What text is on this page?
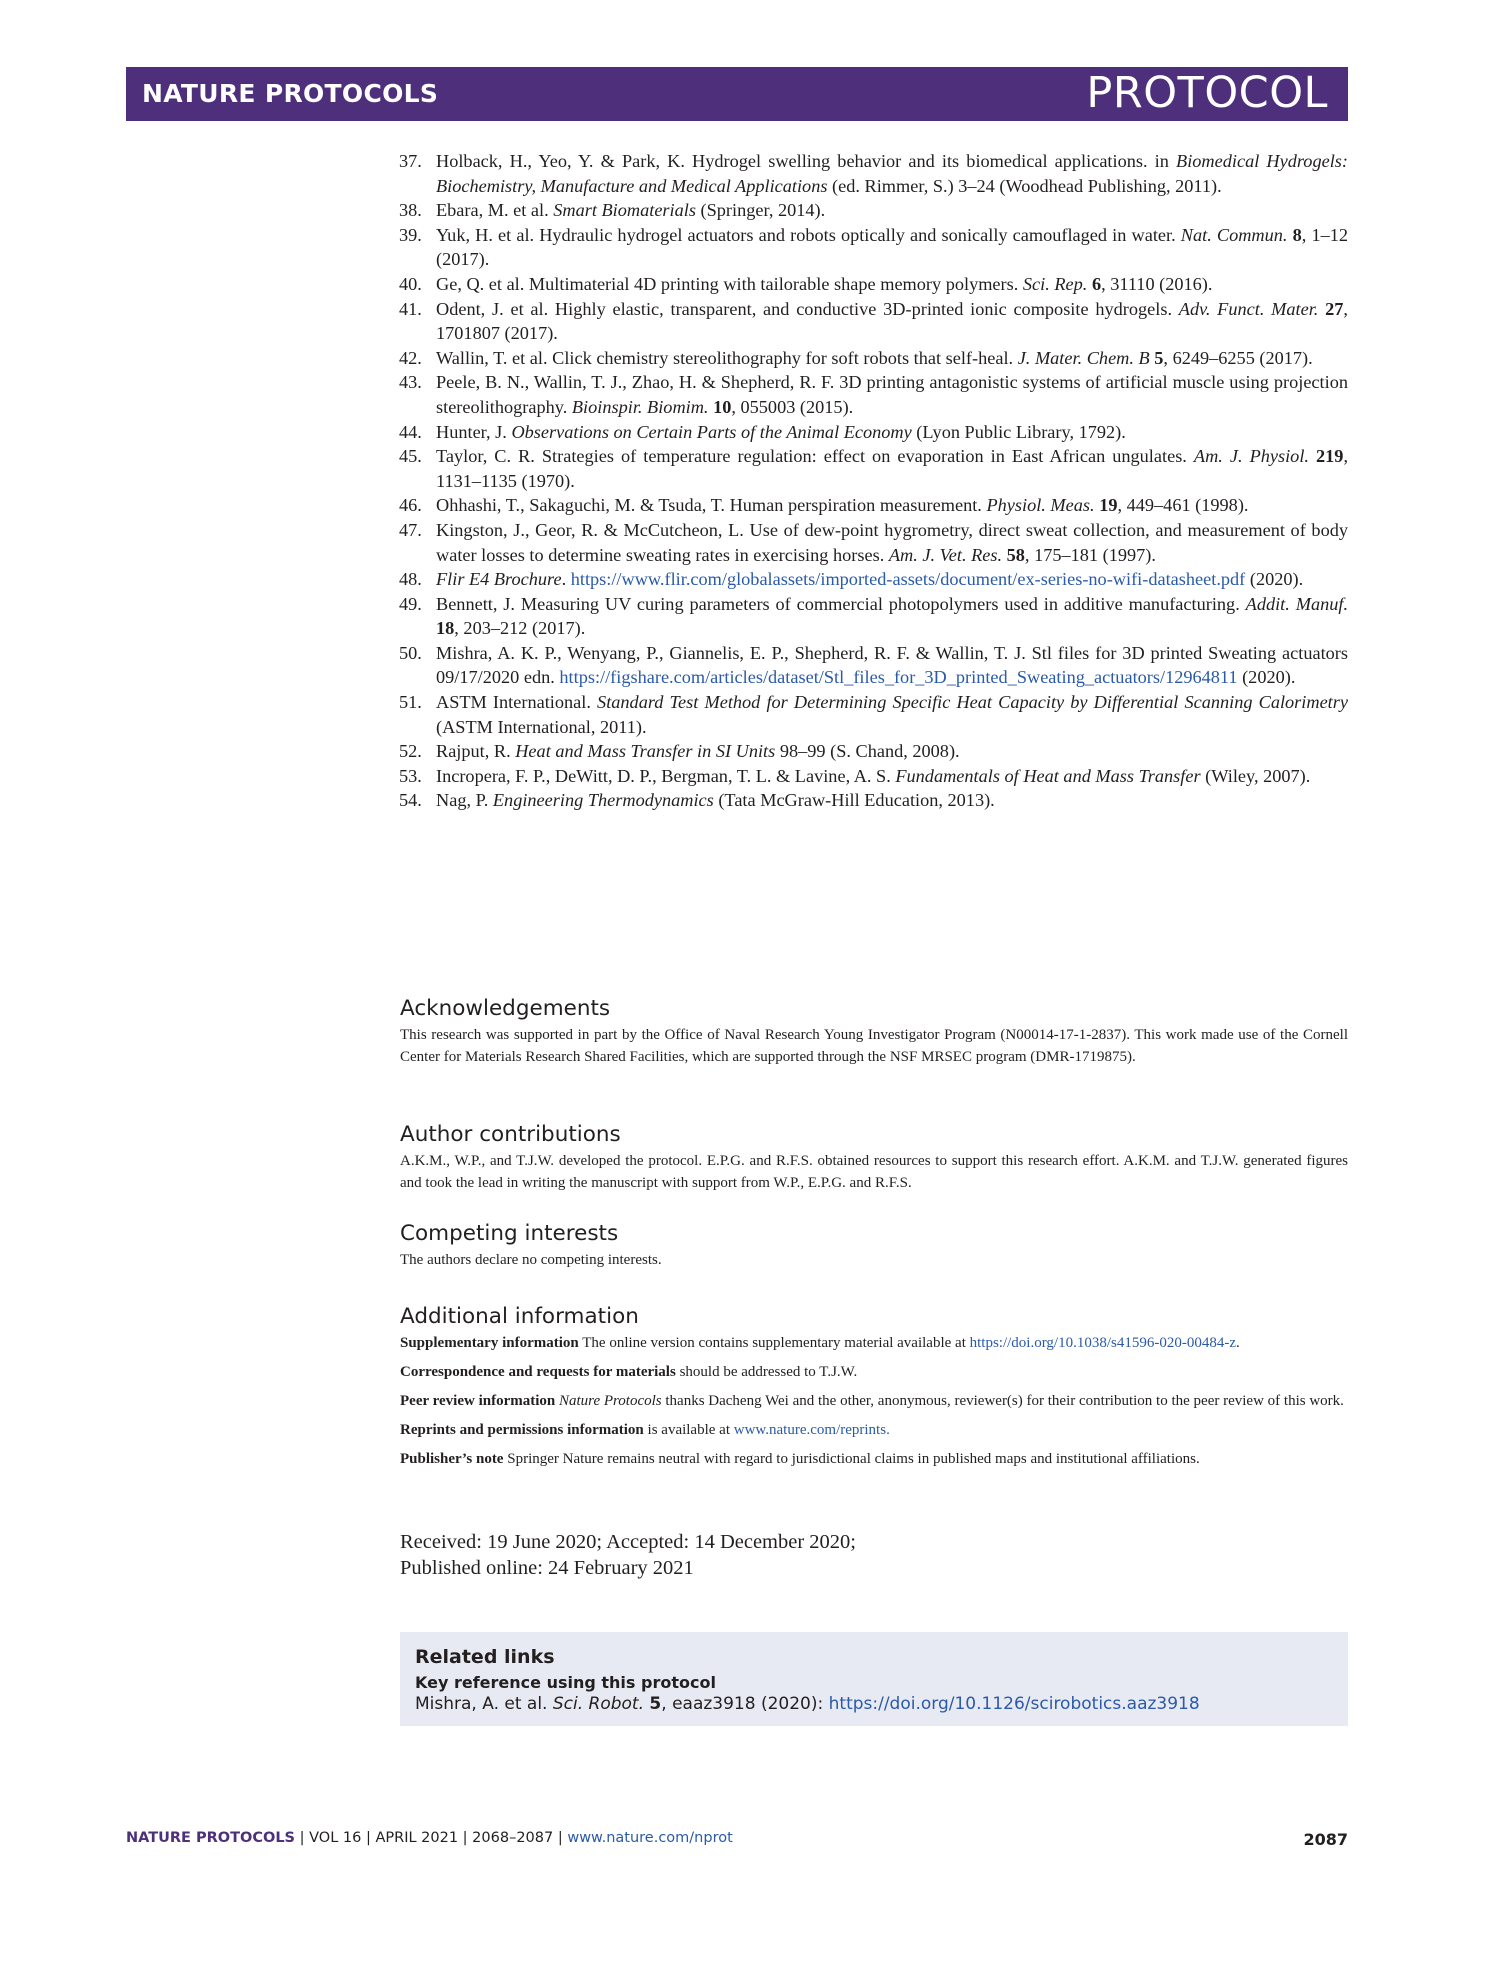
NATURE PROTOCOLS	PROTOCOL
37. Holback, H., Yeo, Y. & Park, K. Hydrogel swelling behavior and its biomedical applications. in Biomedical Hydrogels: Biochemistry, Manufacture and Medical Applications (ed. Rimmer, S.) 3–24 (Woodhead Publishing, 2011).
38. Ebara, M. et al. Smart Biomaterials (Springer, 2014).
39. Yuk, H. et al. Hydraulic hydrogel actuators and robots optically and sonically camouflaged in water. Nat. Commun. 8, 1–12 (2017).
40. Ge, Q. et al. Multimaterial 4D printing with tailorable shape memory polymers. Sci. Rep. 6, 31110 (2016).
41. Odent, J. et al. Highly elastic, transparent, and conductive 3D-printed ionic composite hydrogels. Adv. Funct. Mater. 27, 1701807 (2017).
42. Wallin, T. et al. Click chemistry stereolithography for soft robots that self-heal. J. Mater. Chem. B 5, 6249–6255 (2017).
43. Peele, B. N., Wallin, T. J., Zhao, H. & Shepherd, R. F. 3D printing antagonistic systems of artificial muscle using projection stereolithography. Bioinspir. Biomim. 10, 055003 (2015).
44. Hunter, J. Observations on Certain Parts of the Animal Economy (Lyon Public Library, 1792).
45. Taylor, C. R. Strategies of temperature regulation: effect on evaporation in East African ungulates. Am. J. Physiol. 219, 1131–1135 (1970).
46. Ohhashi, T., Sakaguchi, M. & Tsuda, T. Human perspiration measurement. Physiol. Meas. 19, 449–461 (1998).
47. Kingston, J., Geor, R. & McCutcheon, L. Use of dew-point hygrometry, direct sweat collection, and measurement of body water losses to determine sweating rates in exercising horses. Am. J. Vet. Res. 58, 175–181 (1997).
48. Flir E4 Brochure. https://www.flir.com/globalassets/imported-assets/document/ex-series-no-wifi-datasheet.pdf (2020).
49. Bennett, J. Measuring UV curing parameters of commercial photopolymers used in additive manufacturing. Addit. Manuf. 18, 203–212 (2017).
50. Mishra, A. K. P., Wenyang, P., Giannelis, E. P., Shepherd, R. F. & Wallin, T. J. Stl files for 3D printed Sweating actuators 09/17/2020 edn. https://figshare.com/articles/dataset/Stl_files_for_3D_printed_Sweating_actuators/12964811 (2020).
51. ASTM International. Standard Test Method for Determining Specific Heat Capacity by Differential Scanning Calorimetry (ASTM International, 2011).
52. Rajput, R. Heat and Mass Transfer in SI Units 98–99 (S. Chand, 2008).
53. Incropera, F. P., DeWitt, D. P., Bergman, T. L. & Lavine, A. S. Fundamentals of Heat and Mass Transfer (Wiley, 2007).
54. Nag, P. Engineering Thermodynamics (Tata McGraw-Hill Education, 2013).
Acknowledgements
This research was supported in part by the Office of Naval Research Young Investigator Program (N00014-17-1-2837). This work made use of the Cornell Center for Materials Research Shared Facilities, which are supported through the NSF MRSEC program (DMR-1719875).
Author contributions
A.K.M., W.P., and T.J.W. developed the protocol. E.P.G. and R.F.S. obtained resources to support this research effort. A.K.M. and T.J.W. generated figures and took the lead in writing the manuscript with support from W.P., E.P.G. and R.F.S.
Competing interests
The authors declare no competing interests.
Additional information

Supplementary information The online version contains supplementary material available at https://doi.org/10.1038/s41596-020-00484-z.

Correspondence and requests for materials should be addressed to T.J.W.

Peer review information Nature Protocols thanks Dacheng Wei and the other, anonymous, reviewer(s) for their contribution to the peer review of this work.

Reprints and permissions information is available at www.nature.com/reprints.

Publisher’s note Springer Nature remains neutral with regard to jurisdictional claims in published maps and institutional affiliations.

Received: 19 June 2020; Accepted: 14 December 2020;
Published online: 24 February 2021
Related links
Key reference using this protocol
Mishra, A. et al. Sci. Robot. 5, eaaz3918 (2020): https://doi.org/10.1126/scirobotics.aaz3918
NATURE PROTOCOLS | VOL 16 | APRIL 2021 | 2068–2087 | www.nature.com/nprot	2087
